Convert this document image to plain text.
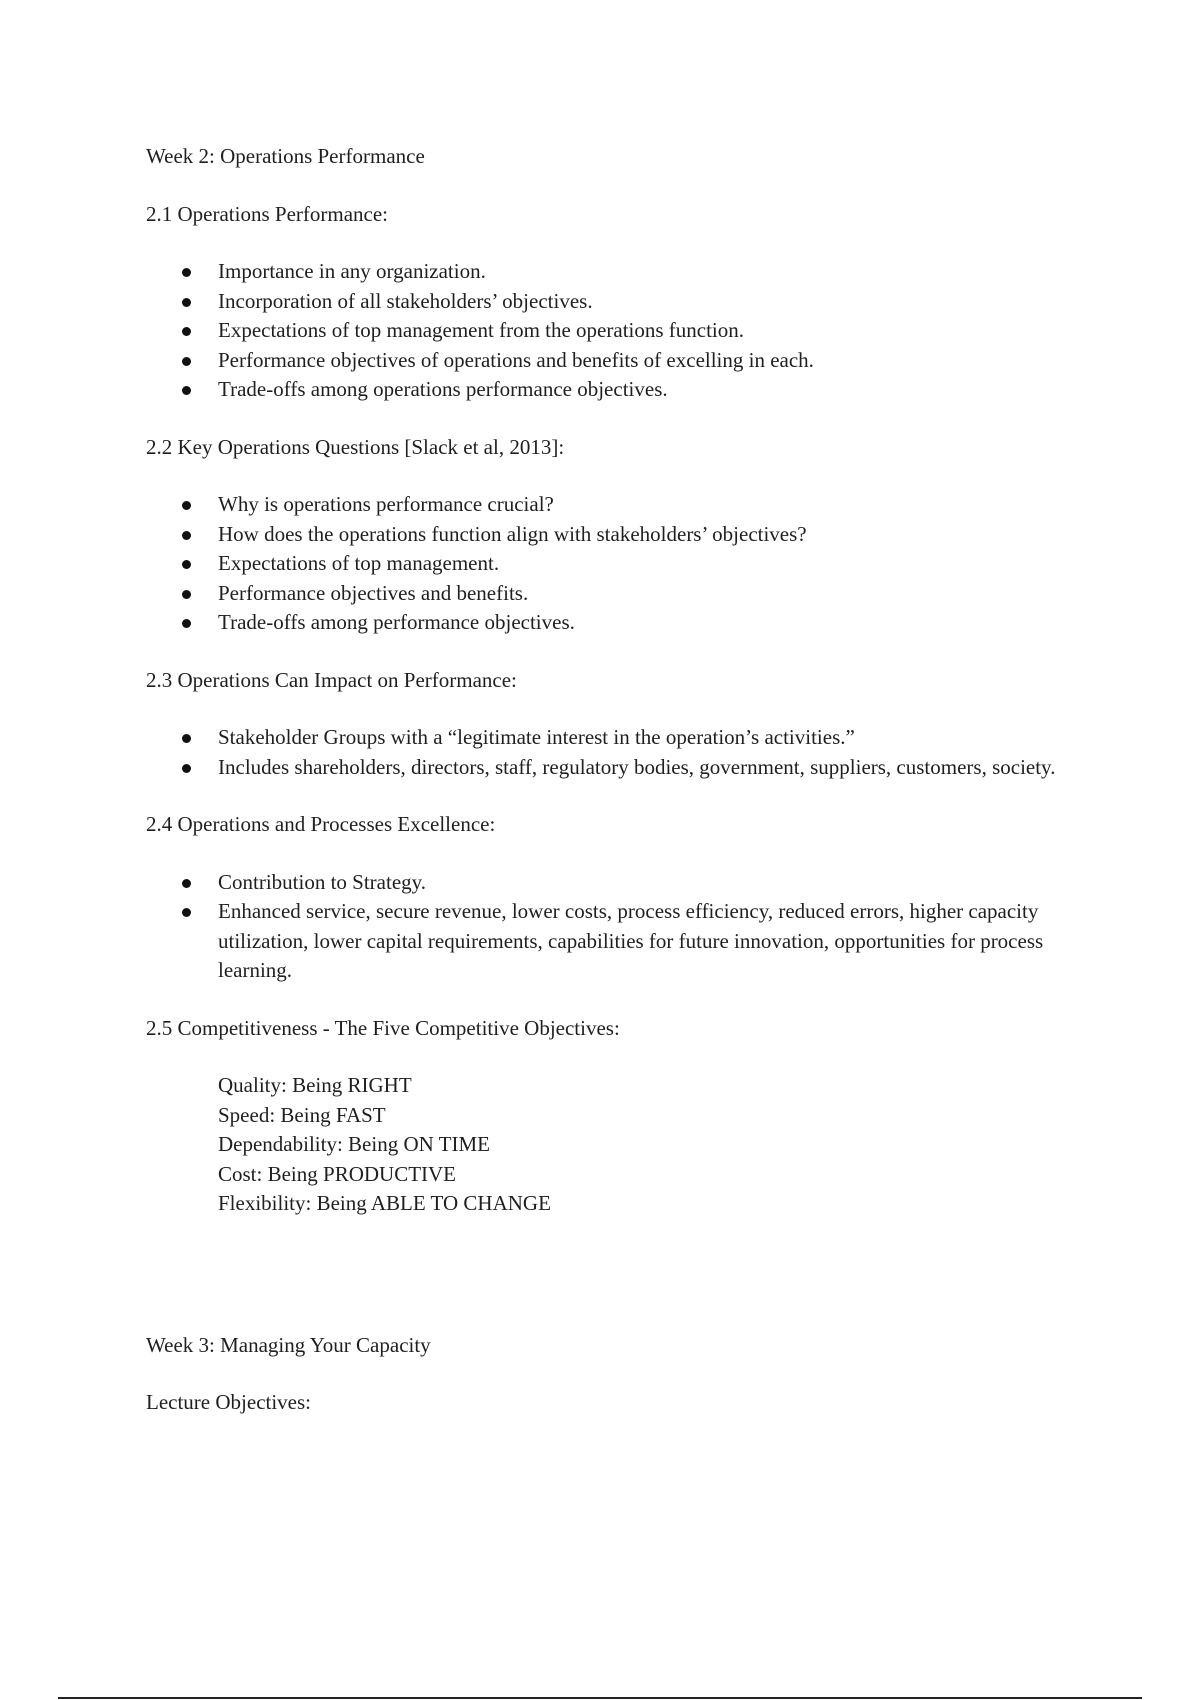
Week 2: Operations Performance

2.1 Operations Performance:

Importance in any organization.
Incorporation of all stakeholders’ objectives.
Expectations of top management from the operations function.
Performance objectives of operations and benefits of excelling in each.
Trade-offs among operations performance objectives.

2.2 Key Operations Questions [Slack et al, 2013]:

Why is operations performance crucial?
How does the operations function align with stakeholders’ objectives?
Expectations of top management.
Performance objectives and benefits.
Trade-offs among performance objectives.

2.3 Operations Can Impact on Performance:

Stakeholder Groups with a “legitimate interest in the operation’s activities.”
Includes shareholders, directors, staff, regulatory bodies, government, suppliers, customers, society.

2.4 Operations and Processes Excellence:

Contribution to Strategy.
Enhanced service, secure revenue, lower costs, process efficiency, reduced errors, higher capacity utilization, lower capital requirements, capabilities for future innovation, opportunities for process learning.

2.5 Competitiveness - The Five Competitive Objectives:

Quality: Being RIGHT
Speed: Being FAST
Dependability: Being ON TIME
Cost: Being PRODUCTIVE
Flexibility: Being ABLE TO CHANGE

Week 3: Managing Your Capacity

Lecture Objectives:
